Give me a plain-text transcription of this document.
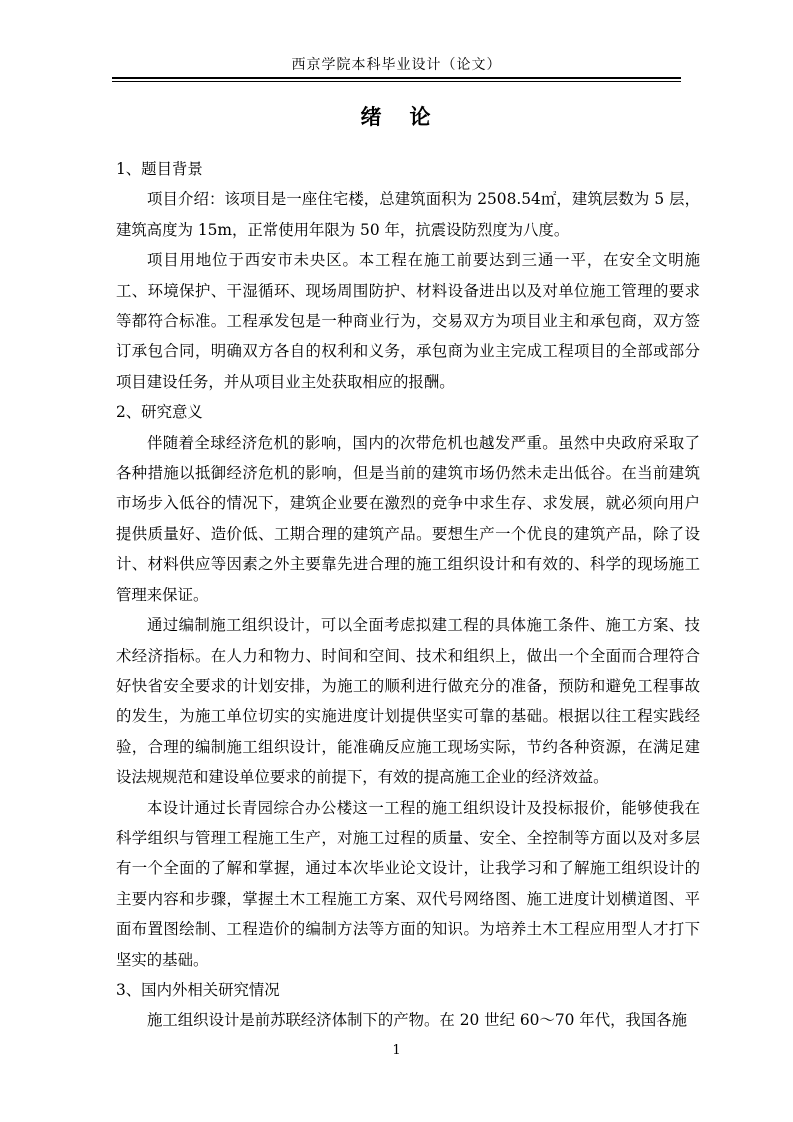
西京学院本科毕业设计（论文）
绪 论

1、题目背景

项目介绍：该项目是一座住宅楼，总建筑面积为 2508.54㎡，建筑层数为 5 层，建筑高度为 15m，正常使用年限为 50 年，抗震设防烈度为八度。

项目用地位于西安市未央区。本工程在施工前要达到三通一平，在安全文明施工、环境保护、干湿循环、现场周围防护、材料设备进出以及对单位施工管理的要求等都符合标准。工程承发包是一种商业行为，交易双方为项目业主和承包商，双方签订承包合同，明确双方各自的权利和义务，承包商为业主完成工程项目的全部或部分项目建设任务，并从项目业主处获取相应的报酬。

2、研究意义

伴随着全球经济危机的影响，国内的次带危机也越发严重。虽然中央政府采取了各种措施以抵御经济危机的影响，但是当前的建筑市场仍然未走出低谷。在当前建筑市场步入低谷的情况下，建筑企业要在激烈的竞争中求生存、求发展，就必须向用户提供质量好、造价低、工期合理的建筑产品。要想生产一个优良的建筑产品，除了设计、材料供应等因素之外主要靠先进合理的施工组织设计和有效的、科学的现场施工管理来保证。

通过编制施工组织设计，可以全面考虑拟建工程的具体施工条件、施工方案、技术经济指标。在人力和物力、时间和空间、技术和组织上，做出一个全面而合理符合好快省安全要求的计划安排，为施工的顺利进行做充分的准备，预防和避免工程事故的发生，为施工单位切实的实施进度计划提供坚实可靠的基础。根据以往工程实践经验，合理的编制施工组织设计，能准确反应施工现场实际，节约各种资源，在满足建设法规规范和建设单位要求的前提下，有效的提高施工企业的经济效益。

本设计通过长青园综合办公楼这一工程的施工组织设计及投标报价，能够使我在科学组织与管理工程施工生产，对施工过程的质量、安全、全控制等方面以及对多层有一个全面的了解和掌握，通过本次毕业论文设计，让我学习和了解施工组织设计的主要内容和步骤，掌握土木工程施工方案、双代号网络图、施工进度计划横道图、平面布置图绘制、工程造价的编制方法等方面的知识。为培养土木工程应用型人才打下坚实的基础。

3、国内外相关研究情况

施工组织设计是前苏联经济体制下的产物。在 20 世纪 60～70 年代，我国各施

1
